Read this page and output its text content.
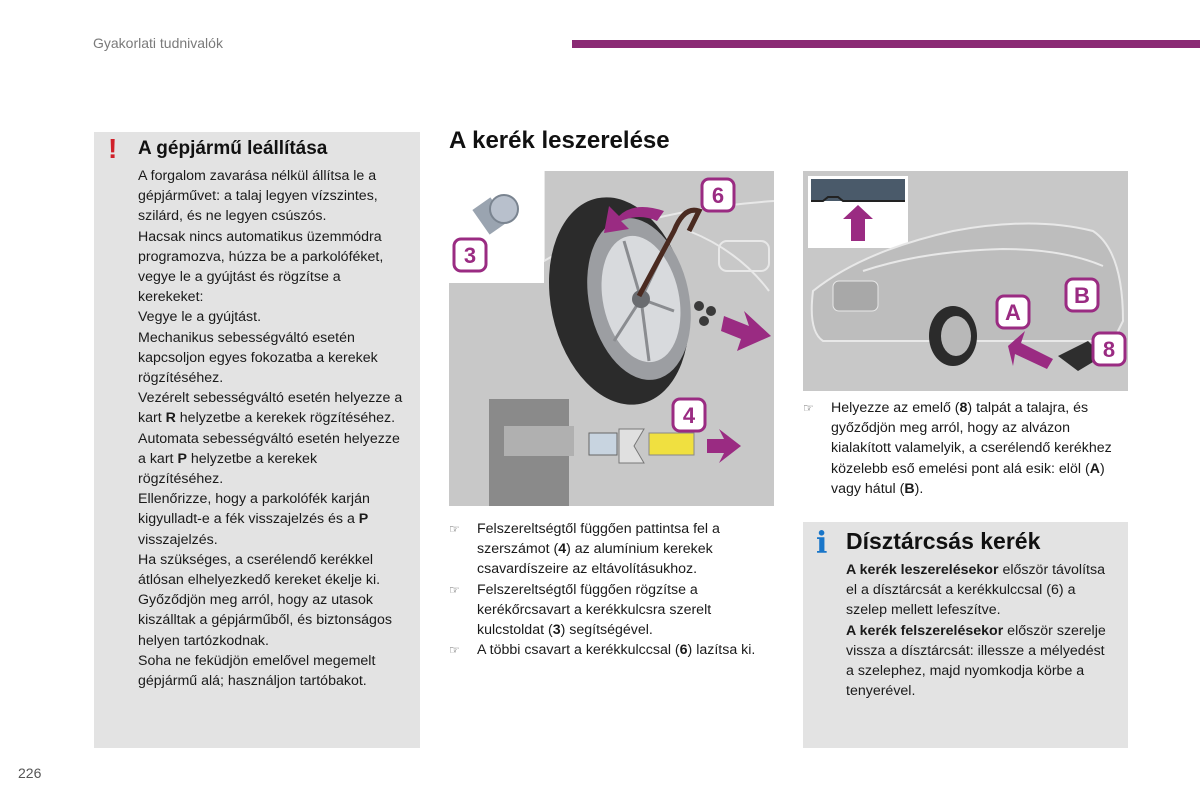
Gyakorlati tudnivalók
! A gépjármű leállítása
A forgalom zavarása nélkül állítsa le a gépjárművet: a talaj legyen vízszintes, szilárd, és ne legyen csúszós.
Hacsak nincs automatikus üzemmódra programozva, húzza be a parkolóféket, vegye le a gyújtást és rögzítse a kerekeket:
Vegye le a gyújtást.
Mechanikus sebességváltó esetén kapcsoljon egyes fokozatba a kerekek rögzítéséhez.
Vezérelt sebességváltó esetén helyezze a kart R helyzetbe a kerekek rögzítéséhez.
Automata sebességváltó esetén helyezze a kart P helyzetbe a kerekek rögzítéséhez.
Ellenőrizze, hogy a parkolófék karján kigyulladt-e a fék visszajelzés és a P visszajelzés.
Ha szükséges, a cserélendő kerékkel átlósan elhelyezkedő kereket ékelje ki.
Győződjön meg arról, hogy az utasok kiszálltak a gépjárműből, és biztonságos helyen tartózkodnak.
Soha ne feküdjön emelővel megemelt gépjármű alá; használjon tartóbakot.
A kerék leszerelése
6
3
4
A
B
8
☞ Helyezze az emelő (8) talpát a talajra, és győződjön meg arról, hogy az alvázon kialakított valamelyik, a cserélendő kerékhez közelebb eső emelési pont alá esik: elöl (A) vagy hátul (B).
☞ Felszereltségtől függően pattintsa fel a szerszámot (4) az alumínium kerekek csavardíszeire az eltávolításukhoz.
☞ Felszereltségtől függően rögzítse a kerékőrcsavart a kerékkulcsra szerelt kulcstoldat (3) segítségével.
☞ A többi csavart a kerékkulccsal (6) lazítsa ki.
i Dísztárcsás kerék
A kerék leszerelésekor először távolítsa el a dísztárcsát a kerékkulccsal (6) a szelep mellett lefeszítve.
A kerék felszerelésekor először szerelje vissza a dísztárcsát: illessze a mélyedést a szelephez, majd nyomkodja körbe a tenyerével.
226
